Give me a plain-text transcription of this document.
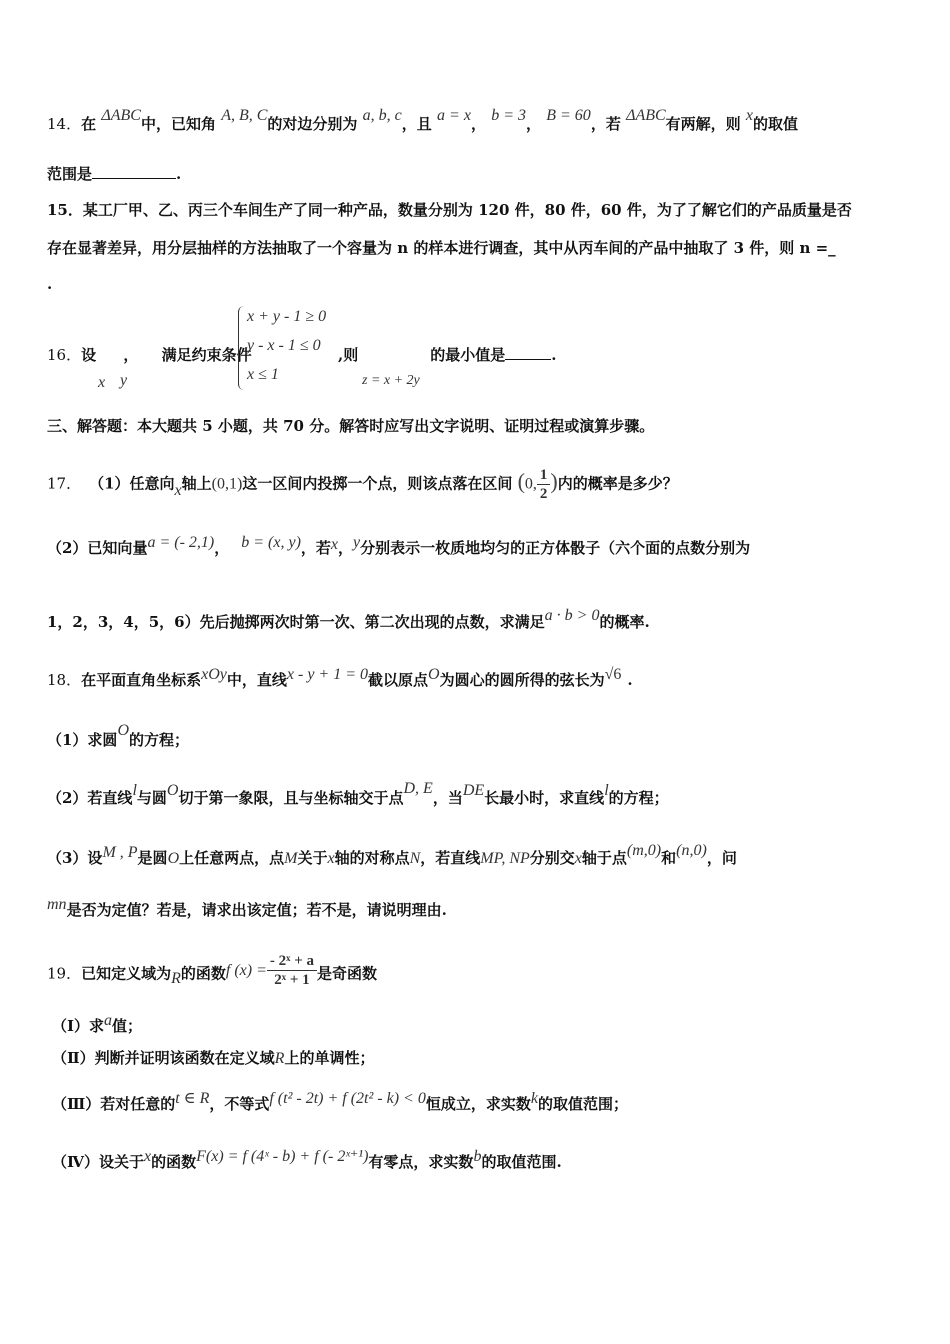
14．在 ΔABC中，已知角 A, B, C的对边分别为 a, b, c，且 a = x， b = 3， B = 60，若 ΔABC有两解，则 x的取值
范围是	.
15．某工厂甲、乙、丙三个车间生产了同一种产品，数量分别为 120 件，80 件，60 件，为了了解它们的产品质量是否
存在显著差异，用分层抽样的方法抽取了一个容量为 n 的样本进行调查，其中从丙车间的产品中抽取了 3 件，则 n =_
.
16．设 ， 满足约束条件
x + y - 1 ≥ 0
y - x - 1 ≤ 0
x ≤ 1
,则	的最小值是	.
x y	z = x + 2y
三、解答题：本大题共 5 小题，共 70 分。解答时应写出文字说明、证明过程或演算步骤。
17． （1）任意向x轴上(0,1)这一区间内投掷一个点，则该点落在区间 (0, $\frac{1}{2}$ )内的概率是多少？
（2）已知向量a = (- 2,1)， b = (x, y)，若x，y分别表示一枚质地均匀的正方体骰子（六个面的点数分别为
1，2，3，4，5，6）先后抛掷两次时第一次、第二次出现的点数，求满足a · b > 0的概率.
18．在平面直角坐标系xOy中，直线x - y + 1 = 0截以原点O为圆心的圆所得的弦长为√6 .
（1）求圆O的方程；
（2）若直线l与圆O切于第一象限，且与坐标轴交于点D, E，当DE长最小时，求直线l的方程；
（3）设M , P是圆O上任意两点，点M关于x轴的对称点N，若直线MP, NP分别交x轴于点(m,0)和(n,0)，问
mn是否为定值？若是，请求出该定值；若不是，请说明理由.
19．已知定义域为R的函数f $(x) = \frac{\text{- 2ˣ + a}}{\text{2ˣ + 1}}$ 是奇函数
（Ⅰ）求a值；
（Ⅱ）判断并证明该函数在定义域R上的单调性；
（Ⅲ）若对任意的t ∈ R，不等式f (t² - 2t) + f (2t² - k) < 0恒成立，求实数k的取值范围；
（Ⅳ）设关于x的函数F(x) = f (4ˣ - b) + f (- 2ˣ⁺¹)有零点，求实数b的取值范围.
